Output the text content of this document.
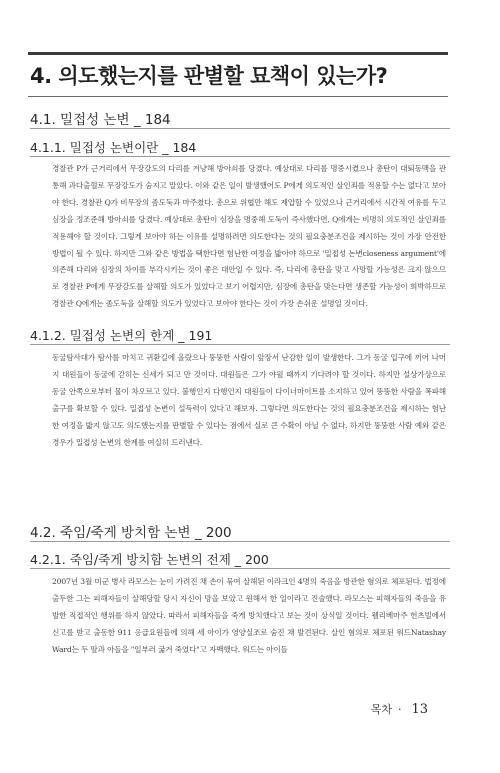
4. 의도했는지를 판별할 묘책이 있는가?
4.1. 밀접성 논변 _ 184
4.1.1. 밀접성 논변이란 _ 184
경찰관 P가 근거리에서 무장강도의 다리를 겨냥해 방아쇠를 당겼다. 예상대로 다리를 명중시켰으나 총탄이 대퇴동맥을 관통해 과다출혈로 무장강도가 숨지고 말았다. 이와 같은 일이 발생했어도 P에게 의도적인 살인죄를 적용할 수는 없다고 보아야 한다. 경찰관 Q가 비무장의 좀도둑과 마주쳤다. 총으로 위협만 해도 제압할 수 있었으나 근거리에서 시간적 여유를 두고 심장을 정조준해 방아쇠를 당겼다. 예상대로 총탄이 심장을 명중해 도둑이 즉사했다면, Q에게는 비명히 의도적인 살인죄를 적용해야 할 것이다. 그렇게 보아야 하는 이유를 설명하려면 의도한다는 것의 필요충분조건을 제시하는 것이 가장 안전한 방법이 될 수 있다. 하지만 그와 같은 방법을 택한다면 험난한 여정을 밟아야 하므로 '밀접성 논변closeness argument'에 의존해 다리와 심장의 차이를 부각시키는 것이 좋은 대안일 수 있다. 즉, 다리에 총탄을 맞고 사망할 가능성은 크지 않으므로 경찰관 P에게 무장강도를 살해할 의도가 있었다고 보기 어렵지만, 심장에 총탄을 맞는다면 생존할 가능성이 희박하므로 경찰관 Q에게는 좀도둑을 살해할 의도가 있었다고 보아야 한다는 것이 가장 손쉬운 설명일 것이다.
4.1.2. 밀접성 논변의 한계 _ 191
동굴탐사대가 탐사를 마치고 귀환길에 올랐으나 뚱뚱한 사람이 앞장서 난감한 일이 발생한다. 그가 동굴 입구에 끼어 나머지 대원들이 동굴에 갇히는 신세가 되고 만 것이다. 대원들은 그가 야윌 때까지 기다려야 할 것이다. 하지만 설상가상으로 동굴 안쪽으로부터 물이 차오르고 있다. 불행인지 다행인지 대원들이 다이너마이트를 소지하고 있어 뚱뚱한 사람을 폭파해 출구를 확보할 수 있다. 밀접성 논변이 설득력이 있다고 해보자. 그렇다면 의도한다는 것의 필요충분조건을 제시하는 험난한 여정을 밟지 않고도 의도했는지를 판별할 수 있다는 점에서 실로 큰 수확이 아닐 수 없다. 하지만 뚱뚱한 사람 예와 같은 경우가 밀접성 논변의 한계를 여실히 드러낸다.
4.2. 죽임/죽게 방치함 논변 _ 200
4.2.1. 죽임/죽게 방치함 논변의 전제 _ 200
2007년 3월 미군 병사 라모스는 눈이 가려진 채 손이 묶여 살해된 이라크인 4명의 죽음을 방관한 혐의로 체포된다. 법정에 출두한 그는 피해자들이 살해당할 당시 자신이 망을 보았고 원해서 한 일이라고 진술했다. 라모스는 피해자들의 죽음을 유발한 직접적인 행위를 하지 않았다. 따라서 피해자들을 죽게 방치했다고 보는 것이 상식일 것이다. 웰리베마주 헌츠빌에서 신고를 받고 출동한 911 응급요원들에 의해 세 아이가 영양실조로 숨진 채 발견된다. 살인 혐의로 체포된 워드Natashay Ward는 두 딸과 아들을 "일부러 굶겨 죽였다"고 자백했다. 워드는 아이들
목차 · 13
